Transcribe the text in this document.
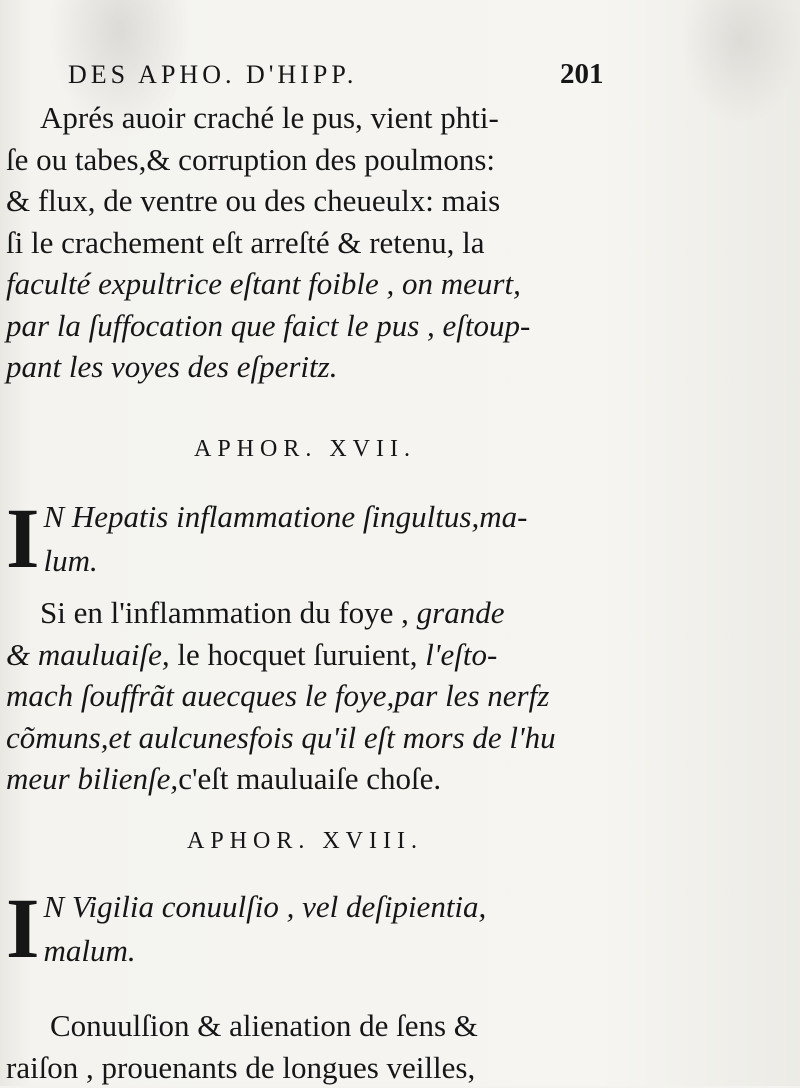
DES APHO. D'HIPP.	201
Aprés auoir craché le pus, vient phti-
ſe ou tabes,& corruption des poulmons:
& flux, de ventre ou des cheueulx: mais
ſi le crachement eſt arreſté & retenu, la
faculté expultrice eſtant foible , on meurt,
par la ſuffocation que faict le pus , eſtoup-
pant les voyes des eſperitz.
APHOR. XVII.
I N Hepatis inflammatione ſingultus,ma-
lum.
Si en l'inflammation du foye , grande
& mauluaiſe, le hocquet ſuruient, l'eſto-
mach ſouffrãt auecques le foye,par les nerfz
cõmuns,et aulcunesfois qu'il eſt mors de l'hu
meur bilienſe,c'eſt mauluaiſe choſe.
APHOR. XVIII.
I N Vigilia conuulſio , vel deſipientia,
malum.
Conuulſion & alienation de ſens &
raiſon , prouenants de longues veilles,
